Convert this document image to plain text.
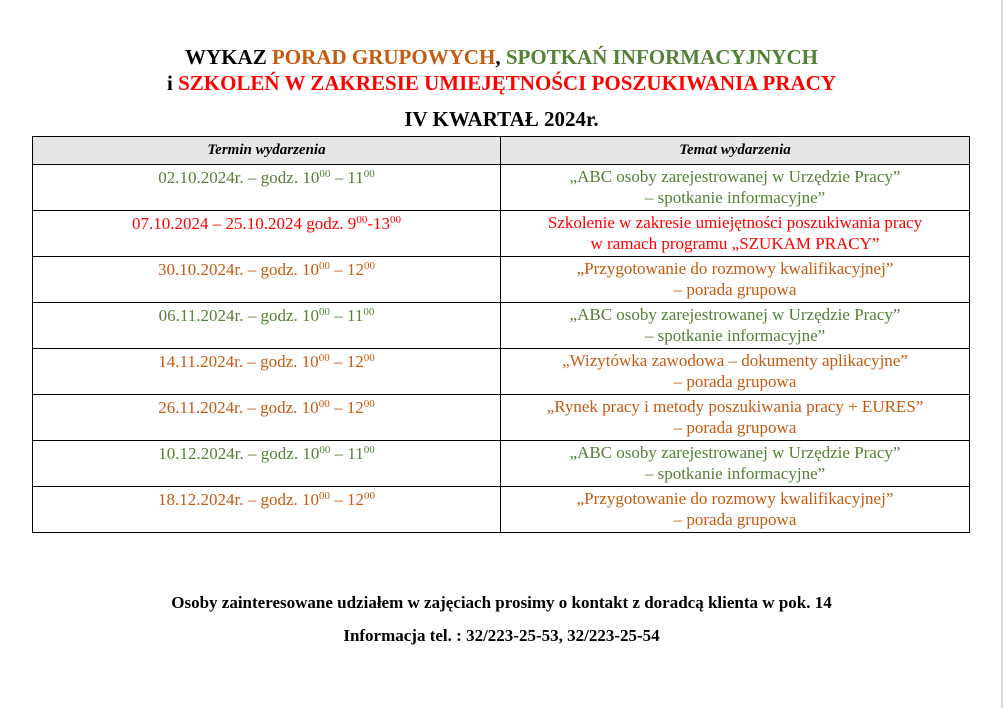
WYKAZ PORAD GRUPOWYCH, SPOTKAŃ INFORMACYJNYCH
i SZKOLEŃ W ZAKRESIE UMIEJĘTNOŚCI POSZUKIWANIA PRACY
IV KWARTAŁ 2024r.
Termin wydarzenia	Temat wydarzenia
02.10.2024r. – godz. $10^{00} - 11^{00}$	„ABC osoby zarejestrowanej w Urzędzie Pracy”
– spotkanie informacyjne”

07.10.2024 – 25.10.2024 godz. $9^{00}-13^{00}$	Szkolenie w zakresie umiejętności poszukiwania pracy
w ramach programu „SZUKAM PRACY”

30.10.2024r. – godz. $10^{00} - 12^{00}$	„Przygotowanie do rozmowy kwalifikacyjnej”
– porada grupowa

06.11.2024r. – godz. $10^{00} - 11^{00}$	„ABC osoby zarejestrowanej w Urzędzie Pracy”
– spotkanie informacyjne”

14.11.2024r. – godz. $10^{00} - 12^{00}$	„Wizytówka zawodowa – dokumenty aplikacyjne”
– porada grupowa

26.11.2024r. – godz. $10^{00} - 12^{00}$	„Rynek pracy i metody poszukiwania pracy + EURES”
– porada grupowa

10.12.2024r. – godz. $10^{00} - 11^{00}$	„ABC osoby zarejestrowanej w Urzędzie Pracy”
– spotkanie informacyjne”

18.12.2024r. – godz. $10^{00} - 12^{00}$	„Przygotowanie do rozmowy kwalifikacyjnej”
– porada grupowa
Osoby zainteresowane udziałem w zajęciach prosimy o kontakt z doradcą klienta w pok. 14
Informacja tel. : 32/223-25-53, 32/223-25-54
